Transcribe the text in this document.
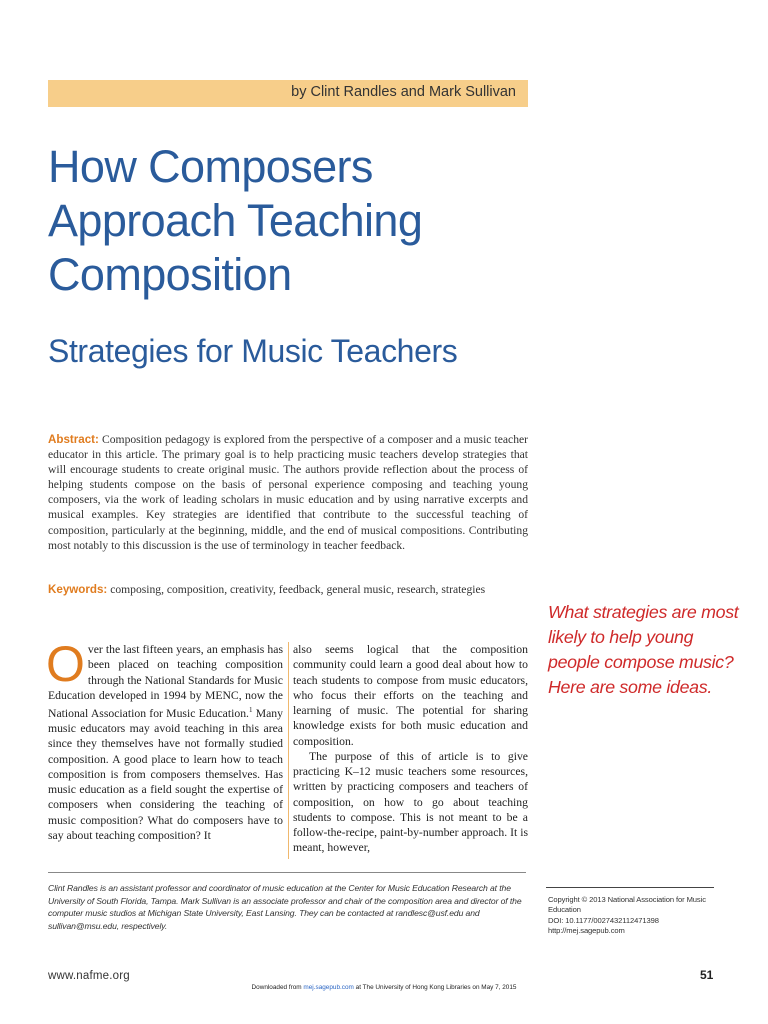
by Clint Randles and Mark Sullivan
How Composers
Approach Teaching
Composition
Strategies for Music Teachers

Abstract: Composition pedagogy is explored from the perspective of a composer and a music teacher educator in this article. The primary goal is to help practicing music teachers develop strategies that will encourage students to create original music. The authors provide reflection about the process of helping students compose on the basis of personal experience composing and teaching young composers, via the work of leading scholars in music education and by using narrative excerpts and musical examples. Key strategies are identified that contribute to the successful teaching of composition, particularly at the beginning, middle, and the end of musical compositions. Contributing most notably to this discussion is the use of terminology in teacher feedback.

Keywords: composing, composition, creativity, feedback, general music, research, strategies

What strategies are most likely to help young people compose music? Here are some ideas.

Over the last fifteen years, an emphasis has been placed on teaching composition through the National Standards for Music Education developed in 1994 by MENC, now the National Association for Music Education.$^1$ Many music educators may avoid teaching in this area since they themselves have not formally studied composition. A good place to learn how to teach composition is from composers themselves. Has music education as a field sought the expertise of composers when considering the teaching of music composition? What do composers have to say about teaching composition? It

also seems logical that the composition community could learn a good deal about how to teach students to compose from music educators, who focus their efforts on the teaching and learning of music. The potential for sharing knowledge exists for both music education and composition.
The purpose of this of article is to give practicing K–12 music teachers some resources, written by practicing composers and teachers of composition, on how to go about teaching students to compose. This is not meant to be a follow-the-recipe, paint-by-number approach. It is meant, however,

Clint Randles is an assistant professor and coordinator of music education at the Center for Music Education Research at the University of South Florida, Tampa. Mark Sullivan is an associate professor and chair of the composition area and director of the computer music studios at Michigan State University, East Lansing. They can be contacted at randlesc@usf.edu and sullivan@msu.edu, respectively.

Copyright © 2013 National Association for Music Education
DOI: 10.1177/0027432112471398
http://mej.sagepub.com

www.nafme.org	51
Downloaded from mej.sagepub.com at The University of Hong Kong Libraries on May 7, 2015
